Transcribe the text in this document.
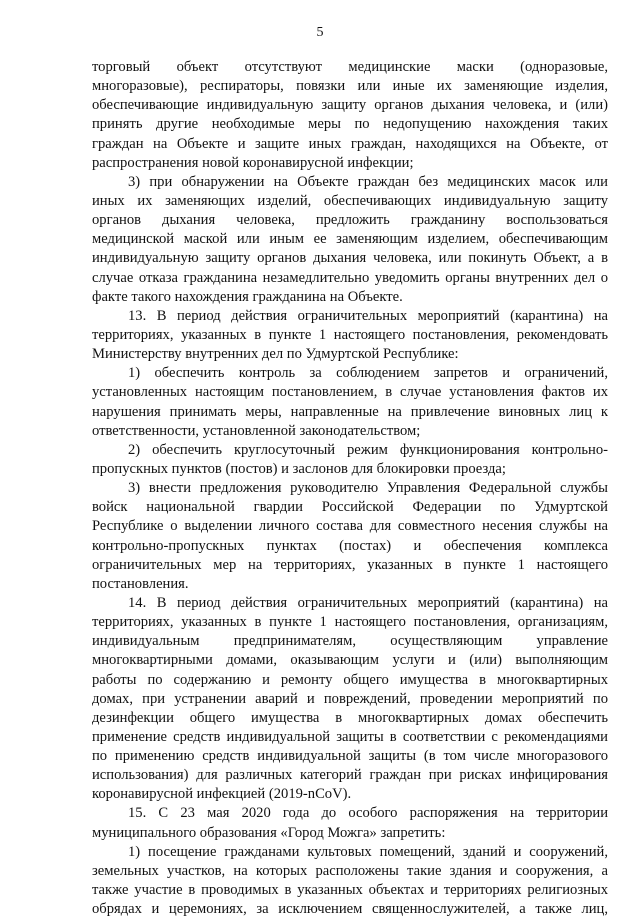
5
торговый объект отсутствуют медицинские маски (одноразовые,
многоразовые), респираторы, повязки или иные их заменяющие изделия,
обеспечивающие индивидуальную защиту органов дыхания человека, и (или)
принять другие необходимые меры по недопущению нахождения таких
граждан на Объекте и защите иных граждан, находящихся на Объекте, от
распространения новой коронавирусной инфекции;
3) при обнаружении на Объекте граждан без медицинских масок или
иных их заменяющих изделий, обеспечивающих индивидуальную защиту
органов дыхания человека, предложить гражданину воспользоваться
медицинской маской или иным ее заменяющим изделием, обеспечивающим
индивидуальную защиту органов дыхания человека, или покинуть Объект, а в
случае отказа гражданина незамедлительно уведомить органы внутренних дел о
факте такого нахождения гражданина на Объекте.
13. В период действия ограничительных мероприятий (карантина) на
территориях, указанных в пункте 1 настоящего постановления, рекомендовать
Министерству внутренних дел по Удмуртской Республике:
1) обеспечить контроль за соблюдением запретов и ограничений,
установленных настоящим постановлением, в случае установления фактов их
нарушения принимать меры, направленные на привлечение виновных лиц к
ответственности, установленной законодательством;
2) обеспечить круглосуточный режим функционирования контрольно-
пропускных пунктов (постов) и заслонов для блокировки проезда;
3) внести предложения руководителю Управления Федеральной службы
войск национальной гвардии Российской Федерации по Удмуртской
Республике о выделении личного состава для совместного несения службы на
контрольно-пропускных пунктах (постах) и обеспечения комплекса
ограничительных мер на территориях, указанных в пункте 1 настоящего
постановления.
14. В период действия ограничительных мероприятий (карантина) на
территориях, указанных в пункте 1 настоящего постановления, организациям,
индивидуальным предпринимателям, осуществляющим управление
многоквартирными домами, оказывающим услуги и (или) выполняющим
работы по содержанию и ремонту общего имущества в многоквартирных
домах, при устранении аварий и повреждений, проведении мероприятий по
дезинфекции общего имущества в многоквартирных домах обеспечить
применение средств индивидуальной защиты в соответствии с рекомендациями
по применению средств индивидуальной защиты (в том числе многоразового
использования) для различных категорий граждан при рисках инфицирования
коронавирусной инфекцией (2019-nCoV).
15. С 23 мая 2020 года до особого распоряжения на территории
муниципального образования «Город Можга» запретить:
1) посещение гражданами культовых помещений, зданий и сооружений,
земельных участков, на которых расположены такие здания и сооружения, а
также участие в проводимых в указанных объектах и территориях религиозных
обрядах и церемониях, за исключением священнослужителей, а также лиц,
